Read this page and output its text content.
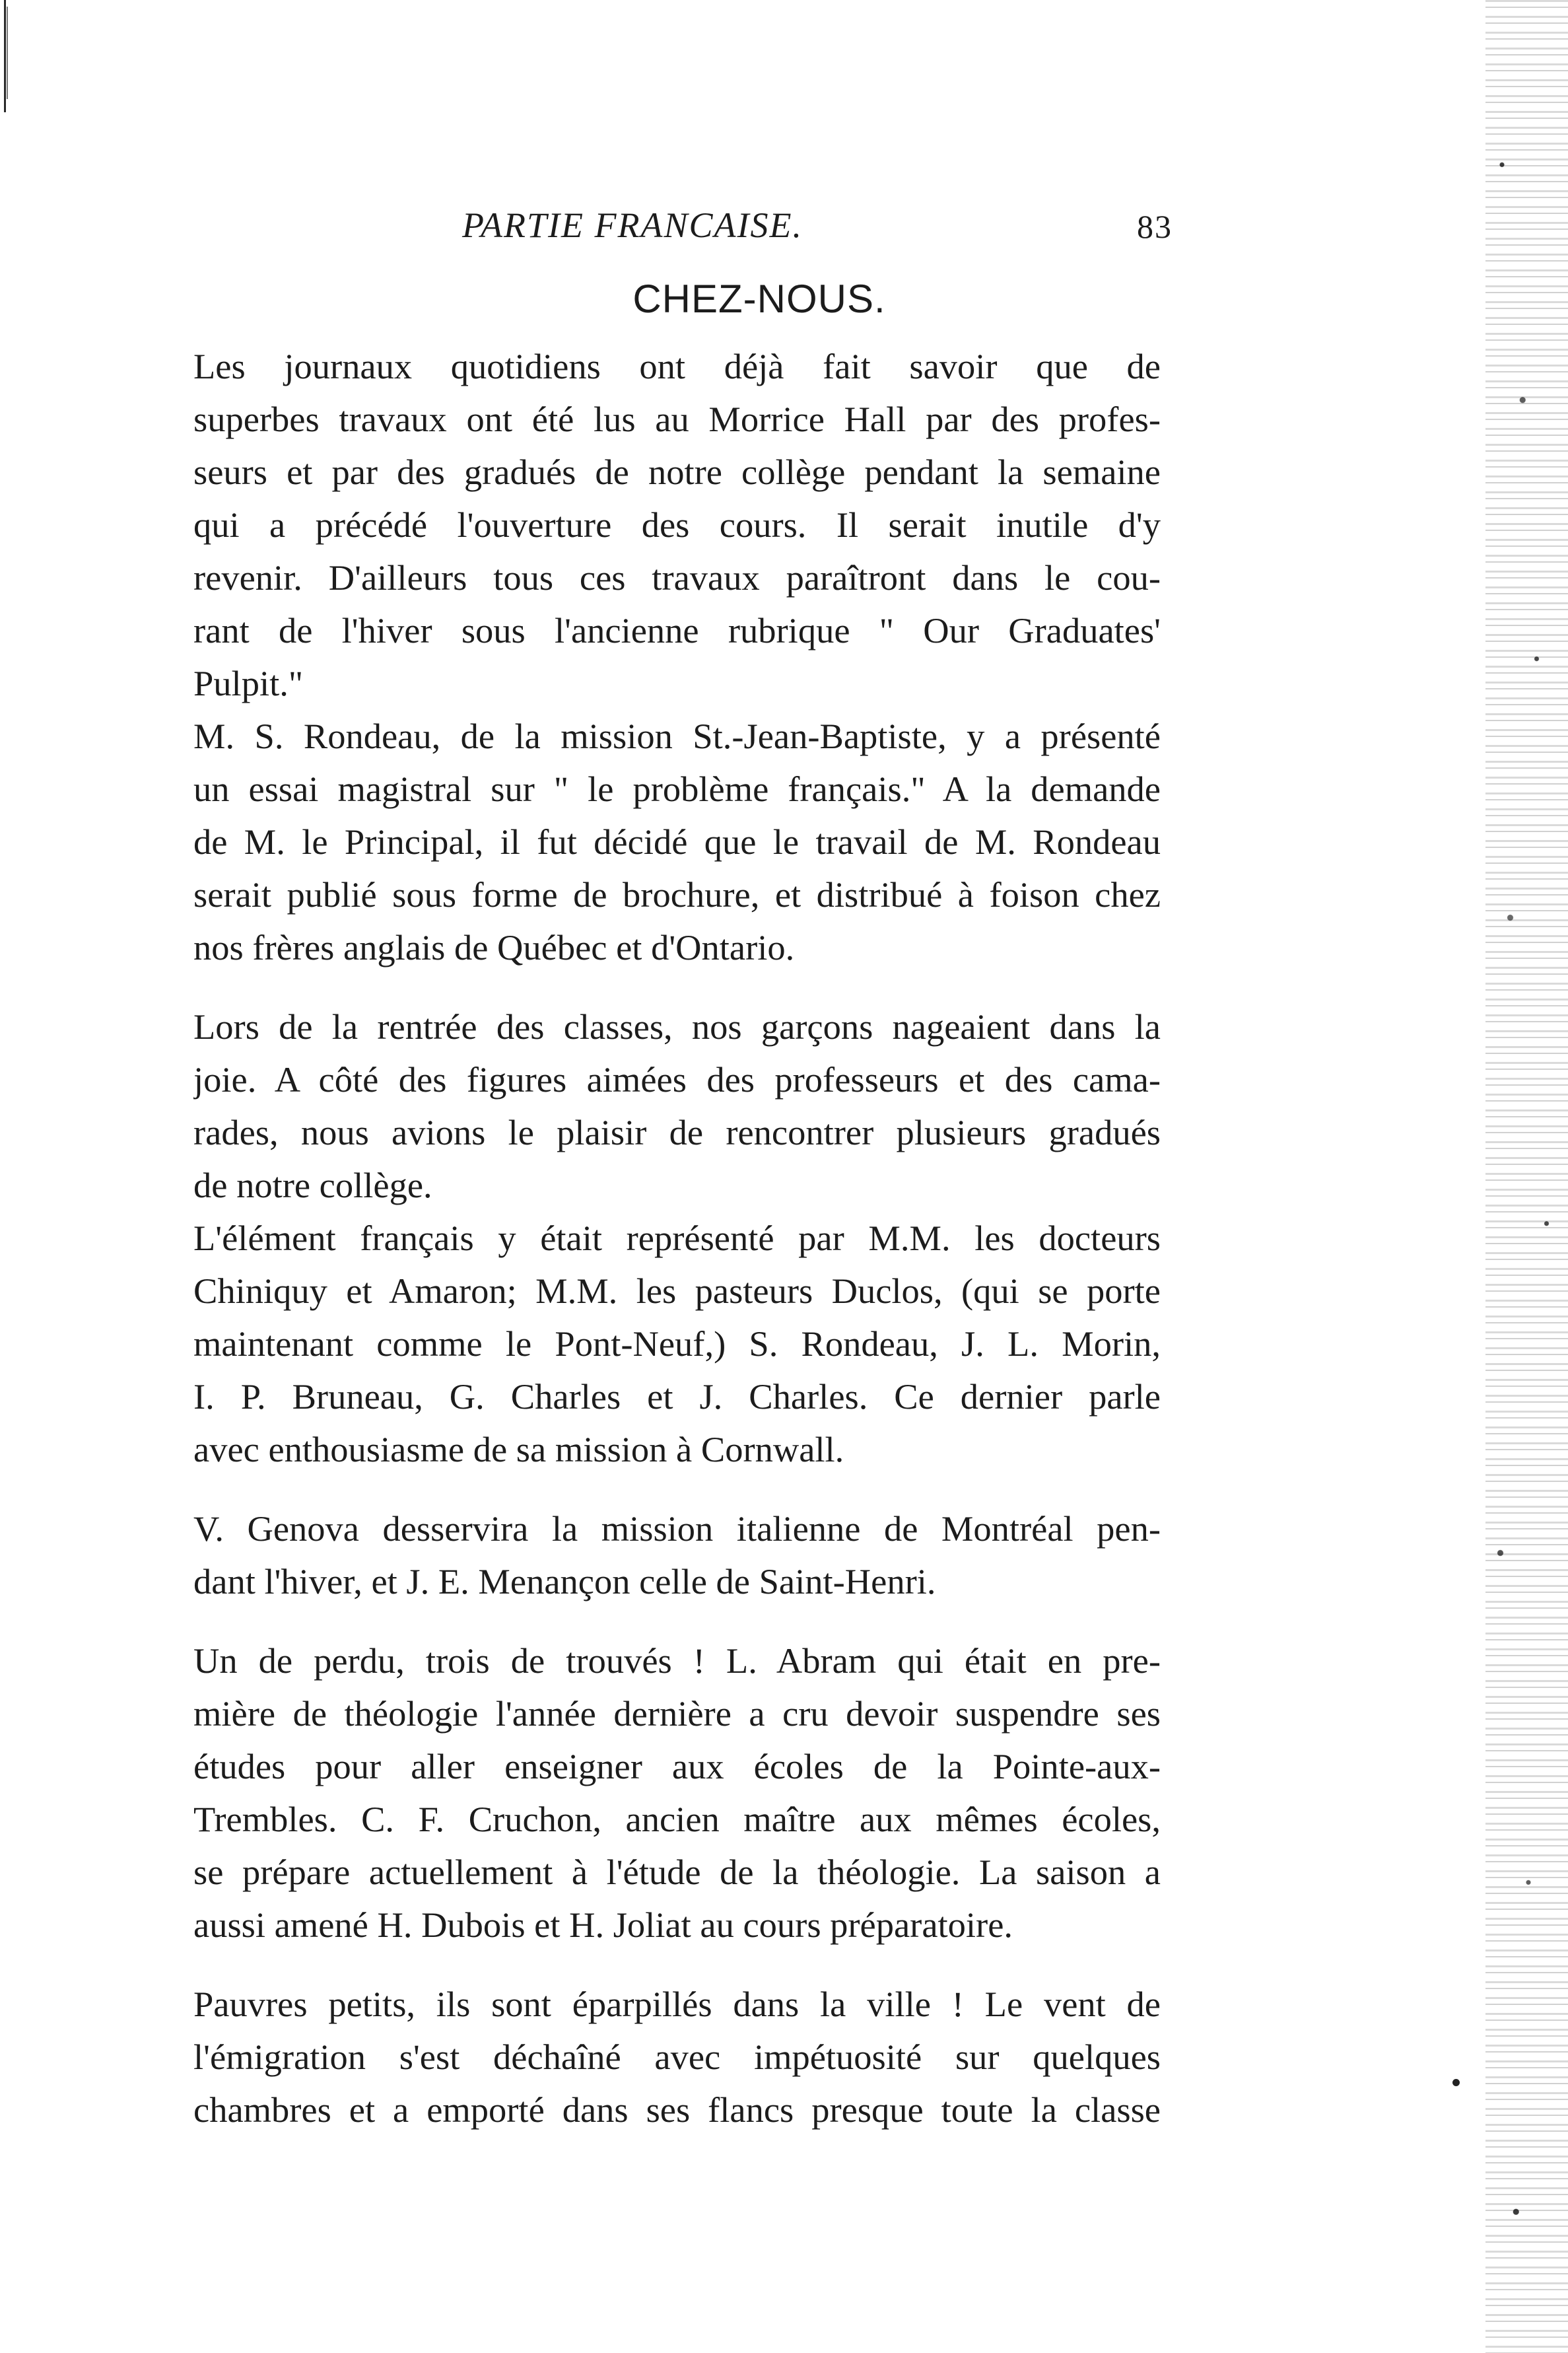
PARTIE FRANCAISE.	83
CHEZ-NOUS.

Les journaux quotidiens ont déjà fait savoir que de
superbes travaux ont été lus au Morrice Hall par des profes-
seurs et par des gradués de notre collège pendant la semaine
qui a précédé l'ouverture des cours. Il serait inutile d'y
revenir. D'ailleurs tous ces travaux paraîtront dans le cou-
rant de l'hiver sous l'ancienne rubrique " Our Graduates'
Pulpit."

M. S. Rondeau, de la mission St.-Jean-Baptiste, y a présenté
un essai magistral sur " le problème français." A la demande
de M. le Principal, il fut décidé que le travail de M. Rondeau
serait publié sous forme de brochure, et distribué à foison chez
nos frères anglais de Québec et d'Ontario.

Lors de la rentrée des classes, nos garçons nageaient dans la
joie. A côté des figures aimées des professeurs et des cama-
rades, nous avions le plaisir de rencontrer plusieurs gradués
de notre collège.

L'élément français y était représenté par M.M. les docteurs
Chiniquy et Amaron; M.M. les pasteurs Duclos, (qui se porte
maintenant comme le Pont-Neuf,) S. Rondeau, J. L. Morin,
I. P. Bruneau, G. Charles et J. Charles. Ce dernier parle
avec enthousiasme de sa mission à Cornwall.

V. Genova desservira la mission italienne de Montréal pen-
dant l'hiver, et J. E. Menançon celle de Saint-Henri.

Un de perdu, trois de trouvés ! L. Abram qui était en pre-
mière de théologie l'année dernière a cru devoir suspendre ses
études pour aller enseigner aux écoles de la Pointe-aux-
Trembles. C. F. Cruchon, ancien maître aux mêmes écoles,
se prépare actuellement à l'étude de la théologie. La saison a
aussi amené H. Dubois et H. Joliat au cours préparatoire.

Pauvres petits, ils sont éparpillés dans la ville ! Le vent de
l'émigration s'est déchaîné avec impétuosité sur quelques
chambres et a emporté dans ses flancs presque toute la classe
